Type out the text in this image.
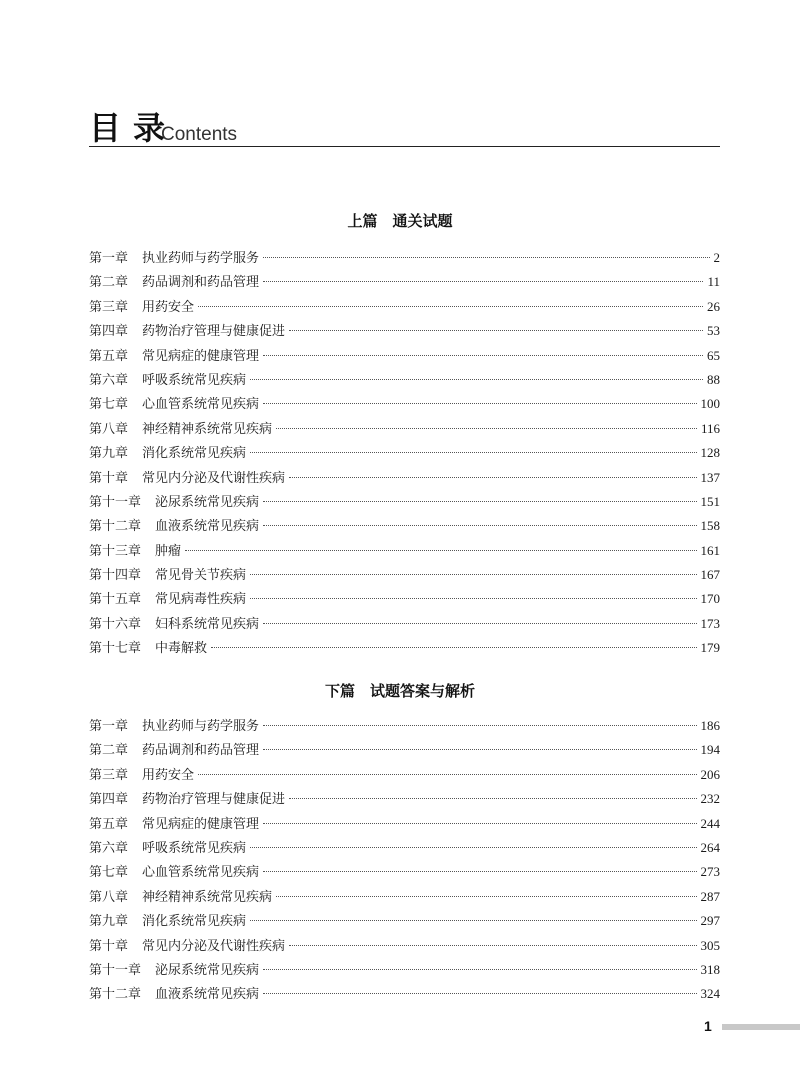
目录
Contents
上篇　通关试题
第一章 执业药师与药学服务	2
第二章 药品调剂和药品管理	11
第三章 用药安全	26
第四章 药物治疗管理与健康促进	53
第五章 常见病症的健康管理	65
第六章 呼吸系统常见疾病	88
第七章 心血管系统常见疾病	100
第八章 神经精神系统常见疾病	116
第九章 消化系统常见疾病	128
第十章 常见内分泌及代谢性疾病	137
第十一章 泌尿系统常见疾病	151
第十二章 血液系统常见疾病	158
第十三章 肿瘤	161
第十四章 常见骨关节疾病	167
第十五章 常见病毒性疾病	170
第十六章 妇科系统常见疾病	173
第十七章 中毒解救	179
下篇　试题答案与解析
第一章 执业药师与药学服务	186
第二章 药品调剂和药品管理	194
第三章 用药安全	206
第四章 药物治疗管理与健康促进	232
第五章 常见病症的健康管理	244
第六章 呼吸系统常见疾病	264
第七章 心血管系统常见疾病	273
第八章 神经精神系统常见疾病	287
第九章 消化系统常见疾病	297
第十章 常见内分泌及代谢性疾病	305
第十一章 泌尿系统常见疾病	318
第十二章 血液系统常见疾病	324
1
